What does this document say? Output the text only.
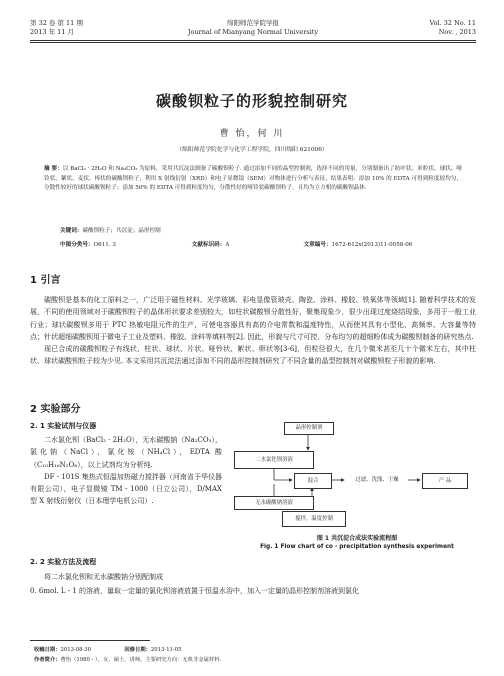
第 32 卷 第 11 期
2013 年 11 月
绵阳师范学院学报
Journal of Mianyang Normal University
Vol. 32 No. 11
Nov. , 2013
碳酸钡粒子的形貌控制研究
曹 怡，何 川
（绵阳师范学院化学与化学工程学院，四川绵阳 621006）
摘 要：以 BaCl₂ · 2H₂O 和 Na₂CO₃ 为原料，采用共沉淀法制备了碳酸钡粒子. 通过添加不同的晶型控制剂，选择不同的用量，分别制备出了纺叶状、米粒状、球状、哑铃状、絮状、麦状、棒状的碳酸钡粒子，利用 X 射线衍射（XRD）和电子显微镜（SEM）对物体进行分析与表征，结果表明：添加 10% 的 EDTA 可得到粒度较均匀，分散性较好的球状碳酸钡粒子；添加 50% 的 EDTA 可得到粒度均匀，分散性好的哑铃状碳酸钡粒子，且均为立方相的碳酸钡晶体.
关键词：碳酸钡粒子；共沉淀；晶形控制
中图分类号：O611. 3	文献标识码：A	文章编号：1672-612x(2013)11-0058-06
1 引言

碳酸钡是基本的化工原料之一，广泛用于磁性材料、光学玻璃、彩电显像管玻壳、陶瓷、涂料、橡胶、铁氧体等领域[1]. 随着科学技术的发展，不同的使用领域对于碳酸钡粒子的晶体形状要求差别较大，如柱状碳酸钡分散性好，聚集现象少，很少出现过度烧结现象，多用于一般工业行业；球状碳酸钡多用于 PTC 热敏电阻元件的生产，可使电容器具有高的介电常数和温度特性，从而使其具有小型化、高频率、大容量等特点；针状超细碳酸钡用于微电子工业及塑料、橡胶、涂料等填料等[2]. 因此，形貌与尺寸可控、分布均匀的超细粉体成为碳酸钡制备的研究热点.

现已合成的碳酸钡粒子有线状、柱状、球状、片状、哑铃状、絮状、卵状等[3-6]，但粒径很大，在几个微米甚至几十个微米左右，其中柱状、球状碳酸钡粒子较为少见. 本文采用共沉淀法通过添加不同的晶形控制剂研究了不同含量的晶型控制剂对碳酸钡粒子形貌的影响.

2 实验部分
2. 1 实验试剂与仪器

二水氯化钡（BaCl₂ · 2H₂O），无水碳酸钠（Na₂CO₃），氯化钠（NaCl），氯化铵（NH₄Cl），EDTA 酸（C₁₀H₁₆N₂O₈），以上试剂均为分析纯.

DF - 101S 集热式恒温加热磁力搅拌器（河南省予华仪器有限公司），电子显微镜 TM - 1000（日立公司），D/MAX 型 X 射线衍射仪（日本理学电机公司）.

2. 2 实验方法及流程

将二水氯化钡和无水碳酸钠分别配制成

0. 6mol. L - 1 的溶液，量取一定量的氯化钡溶液放置于恒温水浴中，加入一定量的晶形控制剂溶液到氯化
晶形控制剂
二水氯化钡溶液
混合	过滤、洗涤、干燥	产 品
无水碳酸钠溶液
搅拌，温度控制
图 1 共沉淀合成法实验流程图
Fig. 1 Flow chart of co - precipitation synthesis experiment
收稿日期：2013-08-30	回修日期：2013-11-05
作者简介：曹怡（1980 - ），女，硕士，讲师，主要研究方向：无机非金属材料.
